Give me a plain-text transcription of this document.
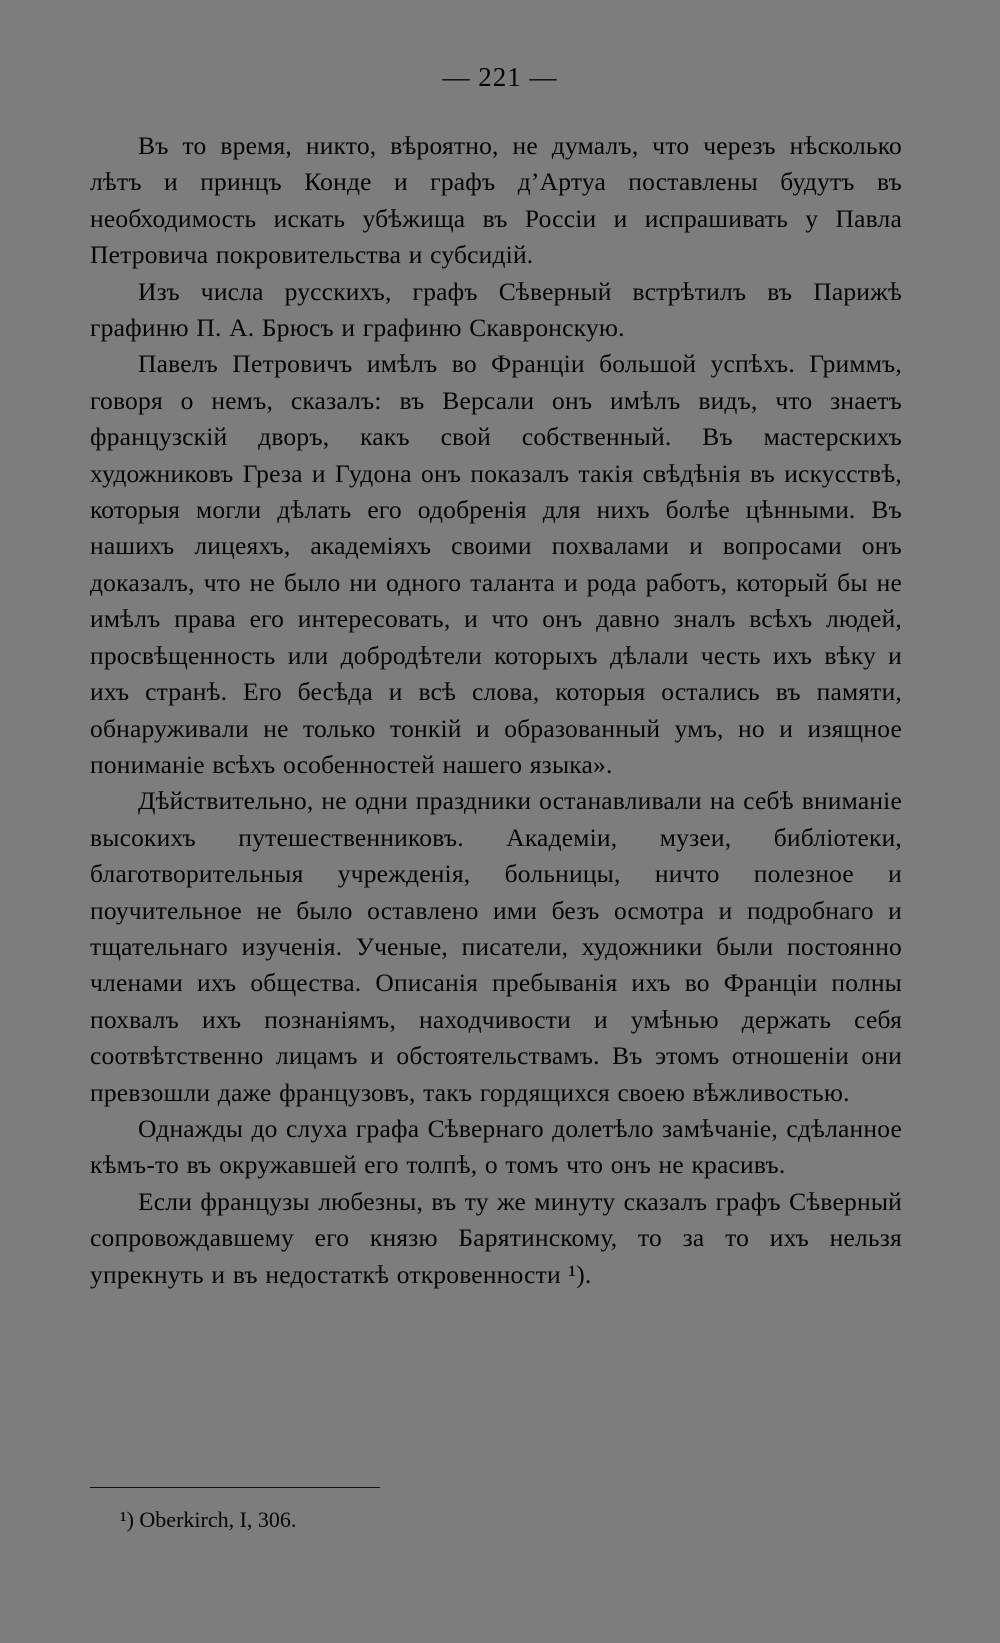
— 221 —

Въ то время, никто, вѣроятно, не думалъ, что черезъ нѣсколько лѣтъ и принцъ Конде и графъ д’Артуа поставлены будутъ въ необходимость искать убѣжища въ Россіи и испрашивать у Павла Петровича покровительства и субсидій.

Изъ числа русскихъ, графъ Сѣверный встрѣтилъ въ Парижѣ графиню П. А. Брюсъ и графиню Скавронскую.

Павелъ Петровичъ имѣлъ во Франціи большой успѣхъ. Гриммъ, говоря о немъ, сказалъ: въ Версали онъ имѣлъ видъ, что знаетъ французскій дворъ, какъ свой собственный. Въ мастерскихъ художниковъ Греза и Гудона онъ показалъ такія свѣдѣнія въ искусствѣ, которыя могли дѣлать его одобренія для нихъ болѣе цѣнными. Въ нашихъ лицеяхъ, академіяхъ своими похвалами и вопросами онъ доказалъ, что не было ни одного таланта и рода работъ, который бы не имѣлъ права его интересовать, и что онъ давно зналъ всѣхъ людей, просвѣщенность или добродѣтели которыхъ дѣлали честь ихъ вѣку и ихъ странѣ. Его бесѣда и всѣ слова, которыя остались въ памяти, обнаруживали не только тонкій и образованный умъ, но и изящное пониманіе всѣхъ особенностей нашего языка».

Дѣйствительно, не одни праздники останавливали на себѣ вниманіе высокихъ путешественниковъ. Академіи, музеи, библіотеки, благотворительныя учрежденія, больницы, ничто полезное и поучительное не было оставлено ими безъ осмотра и подробнаго и тщательнаго изученія. Ученые, писатели, художники были постоянно членами ихъ общества. Описанія пребыванія ихъ во Франціи полны похвалъ ихъ познаніямъ, находчивости и умѣнью держать себя соотвѣтственно лицамъ и обстоятельствамъ. Въ этомъ отношеніи они превзошли даже французовъ, такъ гордящихся своею вѣжливостью.

Однажды до слуха графа Сѣвернаго долетѣло замѣчаніе, сдѣланное кѣмъ-то въ окружавшей его толпѣ, о томъ что онъ не красивъ.

Если французы любезны, въ ту же минуту сказалъ графъ Сѣверный сопровождавшему его князю Барятинскому, то за то ихъ нельзя упрекнуть и въ недостаткѣ откровенности ¹).

¹) Oberkirch, I, 306.
